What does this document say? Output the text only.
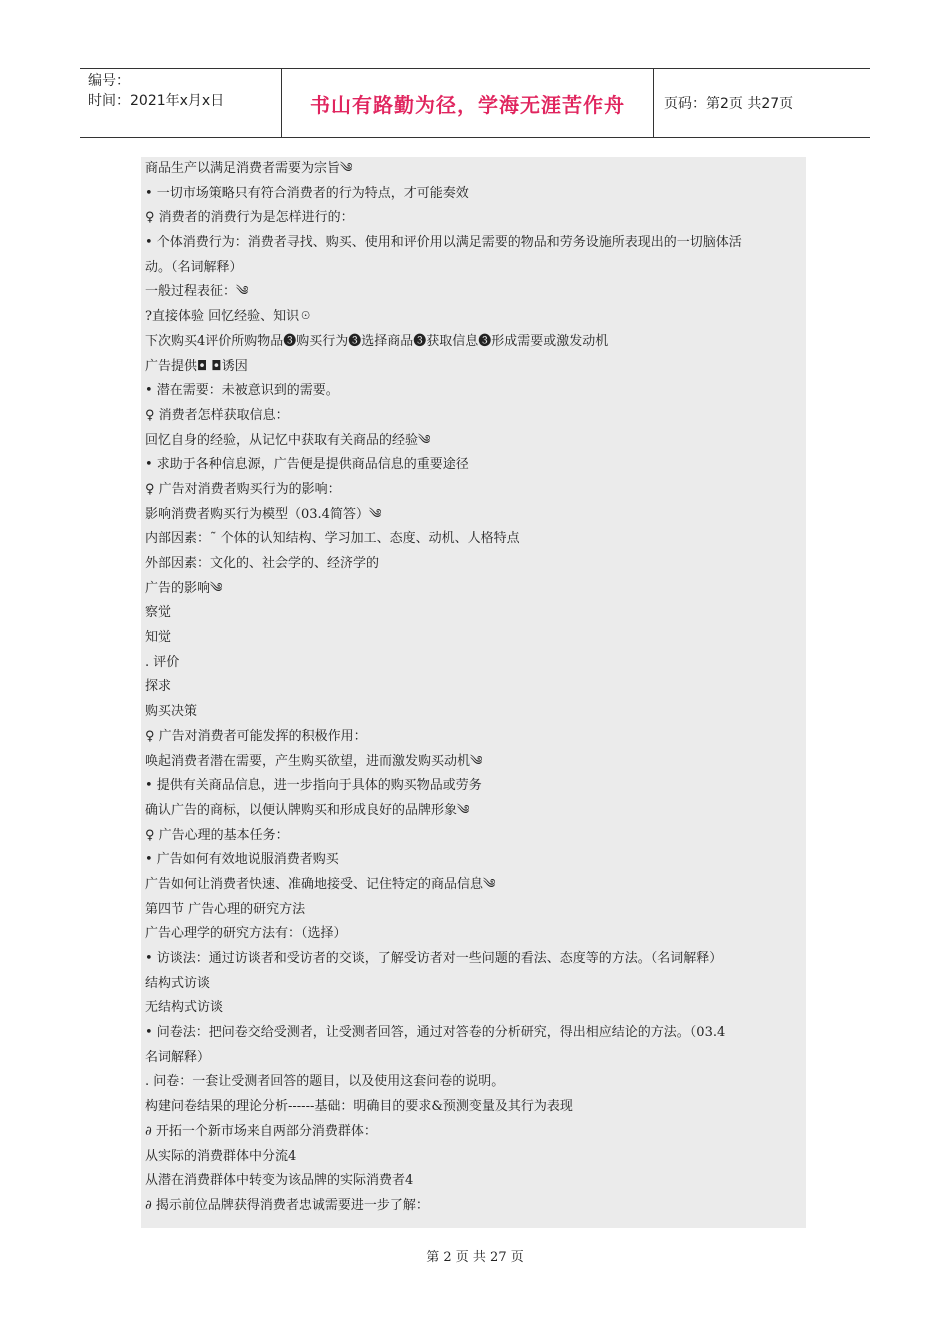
编号：
时间：2021年x月x日	书山有路勤为径，学海无涯苦作舟	页码：第2页 共27页
商品生产以满足消费者需要为宗旨༄
• 一切市场策略只有符合消费者的行为特点，才可能奏效
♀ 消费者的消费行为是怎样进行的：
• 个体消费行为：消费者寻找、购买、使用和评价用以满足需要的物品和劳务设施所表现出的一切脑体活
动。（名词解释）
一般过程表征：༄
?直接体验 回忆经验、知识☉
下次购买4评价所购物品❸购买行为❸选择商品❸获取信息❸形成需要或激发动机
广告提供◘ ◘诱因
• 潜在需要：未被意识到的需要。
♀ 消费者怎样获取信息：
回忆自身的经验，从记忆中获取有关商品的经验༄
• 求助于各种信息源，广告便是提供商品信息的重要途径
♀ 广告对消费者购买行为的影响：
影响消费者购买行为模型（03.4简答）༄
内部因素：˜ 个体的认知结构、学习加工、态度、动机、人格特点
外部因素：文化的、社会学的、经济学的
广告的影响༄
察觉
知觉
. 评价
探求
购买决策
♀ 广告对消费者可能发挥的积极作用：
唤起消费者潜在需要，产生购买欲望，进而激发购买动机༄
• 提供有关商品信息，进一步指向于具体的购买物品或劳务
确认广告的商标，以便认牌购买和形成良好的品牌形象༄
♀ 广告心理的基本任务：
• 广告如何有效地说服消费者购买
广告如何让消费者快速、准确地接受、记住特定的商品信息༄
第四节 广告心理的研究方法
广告心理学的研究方法有：（选择）
• 访谈法：通过访谈者和受访者的交谈，了解受访者对一些问题的看法、态度等的方法。（名词解释）
结构式访谈
无结构式访谈
• 问卷法：把问卷交给受测者，让受测者回答，通过对答卷的分析研究，得出相应结论的方法。（03.4
名词解释）
. 问卷：一套让受测者回答的题目，以及使用这套问卷的说明。
构建问卷结果的理论分析------基础：明确目的要求&预测变量及其行为表现
∂ 开拓一个新市场来自两部分消费群体：
从实际的消费群体中分流4
从潜在消费群体中转变为该品牌的实际消费者4
∂ 揭示前位品牌获得消费者忠诚需要进一步了解：
第 2 页 共 27 页
